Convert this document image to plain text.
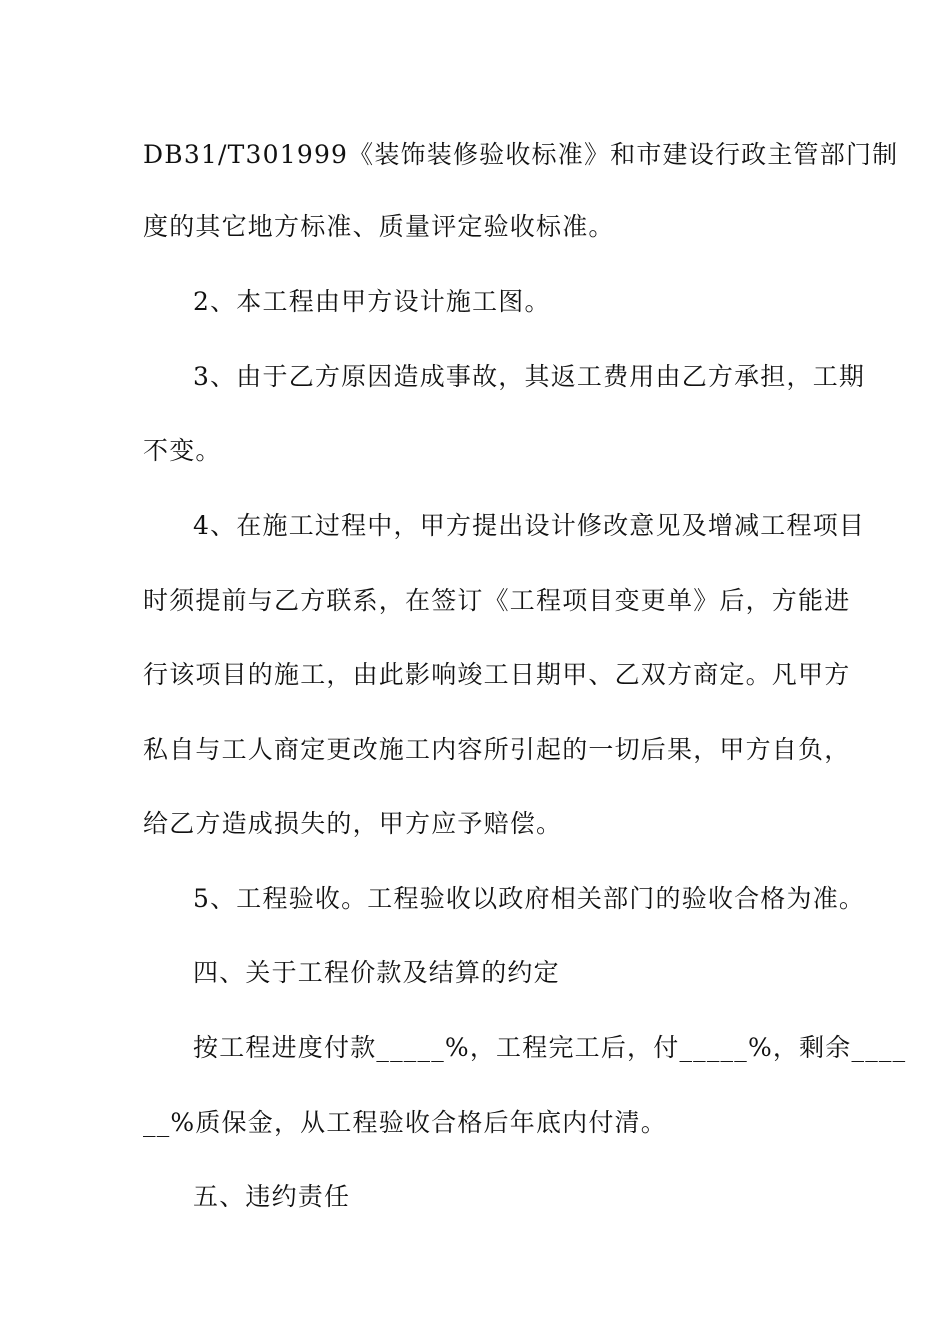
DB31/T301999《装饰装修验收标准》和市建设行政主管部门制
度的其它地方标准、质量评定验收标准。
2、本工程由甲方设计施工图。
3、由于乙方原因造成事故，其返工费用由乙方承担，工期
不变。
4、在施工过程中，甲方提出设计修改意见及增减工程项目
时须提前与乙方联系，在签订《工程项目变更单》后，方能进
行该项目的施工，由此影响竣工日期甲、乙双方商定。凡甲方
私自与工人商定更改施工内容所引起的一切后果，甲方自负，
给乙方造成损失的，甲方应予赔偿。
5、工程验收。工程验收以政府相关部门的验收合格为准。
四、关于工程价款及结算的约定
按工程进度付款_____%，工程完工后，付_____%，剩余____
__%质保金，从工程验收合格后年底内付清。
五、违约责任
